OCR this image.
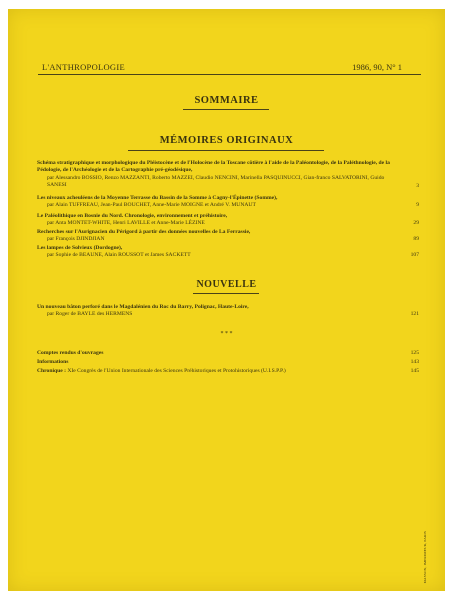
L'ANTHROPOLOGIE	1986, 90, N° 1
SOMMAIRE
MÉMOIRES ORIGINAUX
Schéma stratigraphique et morphologique du Pléistocène et de l'Holocène de la Toscane côtière à l'aide de la Paléontologie, de la Paléthnologie, de la Pédologie, de l'Archéologie et de la Cartographie pré-géodésique,
par Alessandro BOSSIO, Renzo MAZZANTI, Roberto MAZZEI, Claudio NENCINI, Marinella PASQUINUCCI, Gian-franco SALVATORINI, Guido SANESI	3
Les niveaux acheuléens de la Moyenne Terrasse du Bassin de la Somme à Cagny-l'Épinette (Somme),
par Alain TUFFREAU, Jean-Paul BOUCHET, Anne-Marie MOIGNE et André V. MUNAUT	9
Le Paléolithique en Bosnie du Nord. Chronologie, environnement et préhistoire,
par Anta MONTET-WHITE, Henri LAVILLE et Anne-Marie LÉZINE	29
Recherches sur l'Aurignacien du Périgord à partir des données nouvelles de La Ferrassie,
par François DJINDJIAN	89
Les lampes de Solvieux (Dordogne),
par Sophie de BEAUNE, Alain ROUSSOT et James SACKETT	107
NOUVELLE
Un nouveau bâton perforé dans le Magdalénien du Roc du Barry, Polignac, Haute-Loire,
par Roger de BAYLE des HERMENS	121
* * *
Comptes rendus d'ouvrages	125
Informations	143
Chronique : XIe Congrès de l'Union Internationale des Sciences Préhistoriques et Protohistoriques (U.I.S.P.P.)	145
MASSON, IMPRIMEUR, PARIS
